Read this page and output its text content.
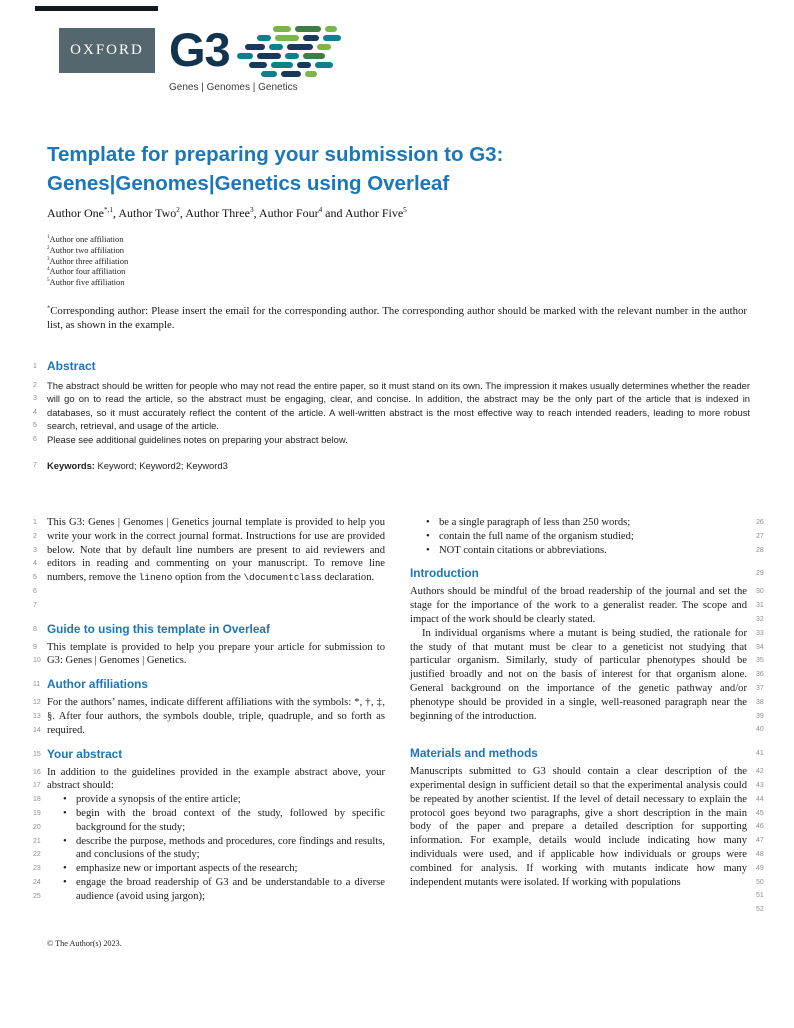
OXFORD G3
Genes | Genomes | Genetics
Template for preparing your submission to G3:
Genes|Genomes|Genetics using Overleaf
Author One$^{*,1}$, Author Two$^2$, Author Three$^3$, Author Four$^4$ and Author Five$^5$
$^1$Author one affiliation
$^2$Author two affiliation
$^3$Author three affiliation
$^4$Author four affiliation
$^5$Author five affiliation
*Corresponding author: Please insert the email for the corresponding author. The corresponding author should be marked with the relevant number in the author list, as shown in the example.
1 Abstract
2
3
4
5
The abstract should be written for people who may not read the entire paper, so it must stand on its own. The impression it makes usually determines whether the reader will go on to read the article, so the abstract must be engaging, clear, and concise. In addition, the abstract may be the only part of the article that is indexed in databases, so it must accurately reflect the content of the article. A well-written abstract is the most effective way to reach intended readers, leading to more robust search, retrieval, and usage of the article.
6	Please see additional guidelines notes on preparing your abstract below.
7	Keywords: Keyword; Keyword2; Keyword3
1
2
3
4
5
6
7
This G3: Genes | Genomes | Genetics journal template is provided to help you write your work in the correct journal format. Instructions for use are provided below. Note that by default line numbers are present to aid reviewers and editors in reading and commenting on your manuscript. To remove line numbers, remove the lineno option from the \documentclass declaration.
8 Guide to using this template in Overleaf
9
10
This template is provided to help you prepare your article for submission to G3: Genes | Genomes | Genetics.
11 Author affiliations
12
13
14
For the authors’ names, indicate different affiliations with the symbols: *, †, ‡, §. After four authors, the symbols double, triple, quadruple, and so forth as required.
15 Your abstract
16
17
In addition to the guidelines provided in the example abstract above, your abstract should:
18	• provide a synopsis of the entire article;
19
20
• begin with the broad context of the study, followed by specific background for the study;
21
22
• describe the purpose, methods and procedures, core findings and results, and conclusions of the study;
23	• emphasize new or important aspects of the research;
24
25
• engage the broad readership of G3 and be understandable to a diverse audience (avoid using jargon);
• be a single paragraph of less than 250 words;	26
• contain the full name of the organism studied;	27
• NOT contain citations or abbreviations.	28
Introduction	29
Authors should be mindful of the broad readership of the journal and set the stage for the importance of the work to a generalist reader. The scope and impact of the work should be clearly stated.
30
31
32
In individual organisms where a mutant is being studied, the rationale for the study of that mutant must be clear to a geneticist not studying that particular organism. Similarly, study of particular phenotypes should be justified broadly and not on the basis of interest for that organism alone. General background on the importance of the genetic pathway and/or phenotype should be provided in a single, well-reasoned paragraph near the beginning of the introduction.
33
34
35
36
37
38
39
40
Materials and methods	41
Manuscripts submitted to G3 should contain a clear description of the experimental design in sufficient detail so that the experimental analysis could be repeated by another scientist. If the level of detail necessary to explain the protocol goes beyond two paragraphs, give a short description in the main body of the paper and prepare a detailed description for supporting information. For example, details would include indicating how many individuals were used, and if applicable how individuals or groups were combined for analysis. If working with mutants indicate how many independent mutants were isolated. If working with populations
42
43
44
45
46
47
48
49
50
51
52
© The Author(s) 2023.
